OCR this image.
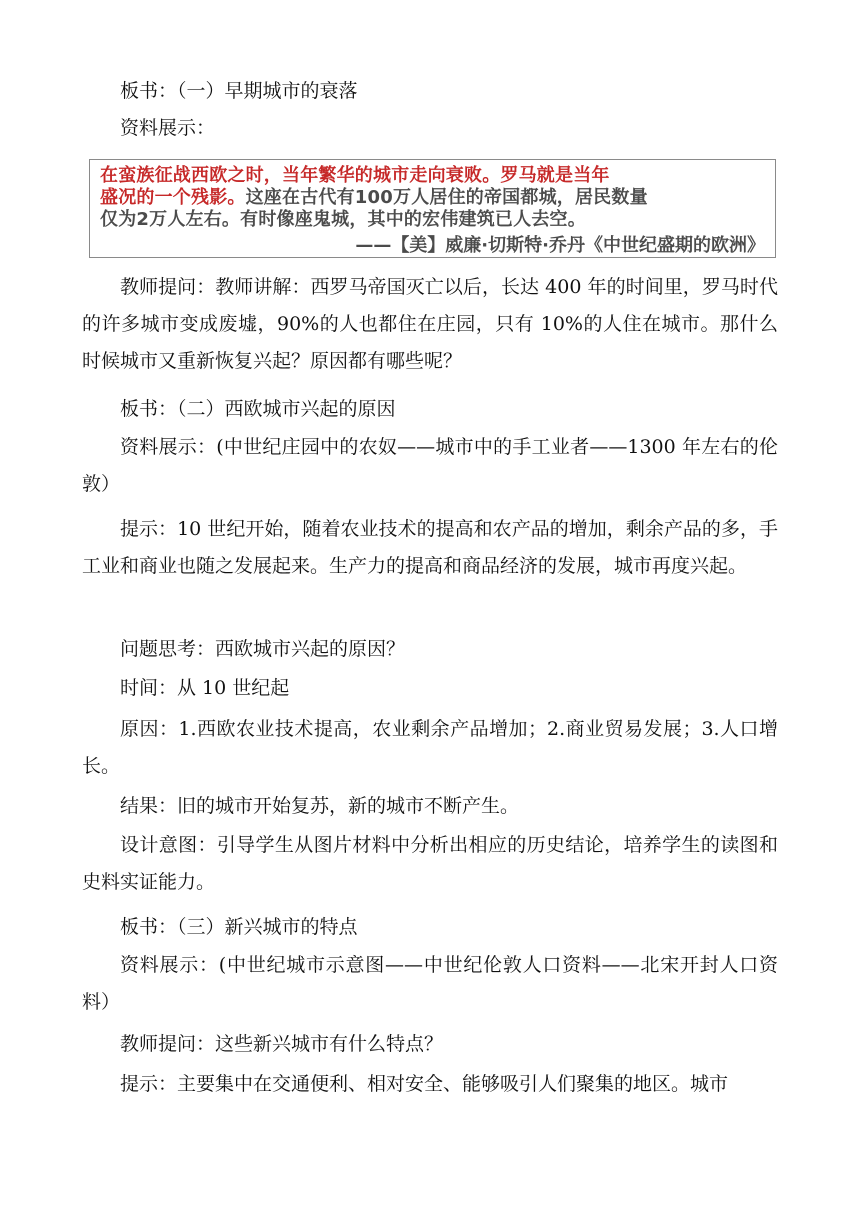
板书：（一）早期城市的衰落

资料展示：

在蛮族征战西欧之时，当年繁华的城市走向衰败。罗马就是当年
盛况的一个残影。这座在古代有100万人居住的帝国都城，居民数量
仅为2万人左右。有时像座鬼城，其中的宏伟建筑已人去空。
——【美】威廉·切斯特·乔丹《中世纪盛期的欧洲》

教师提问：教师讲解：西罗马帝国灭亡以后，长达 400 年的时间里，罗马时代的许多城市变成废墟，90%的人也都住在庄园，只有 10%的人住在城市。那什么时候城市又重新恢复兴起？原因都有哪些呢？

板书：（二）西欧城市兴起的原因

资料展示：(中世纪庄园中的农奴——城市中的手工业者——1300 年左右的伦敦）

提示：10 世纪开始，随着农业技术的提高和农产品的增加，剩余产品的多，手工业和商业也随之发展起来。生产力的提高和商品经济的发展，城市再度兴起。

问题思考：西欧城市兴起的原因？

时间：从 10 世纪起

原因：1.西欧农业技术提高，农业剩余产品增加；2.商业贸易发展；3.人口增长。

结果：旧的城市开始复苏，新的城市不断产生。

设计意图：引导学生从图片材料中分析出相应的历史结论，培养学生的读图和史料实证能力。

板书：（三）新兴城市的特点

资料展示：(中世纪城市示意图——中世纪伦敦人口资料——北宋开封人口资料）

教师提问：这些新兴城市有什么特点？

提示：主要集中在交通便利、相对安全、能够吸引人们聚集的地区。城市
